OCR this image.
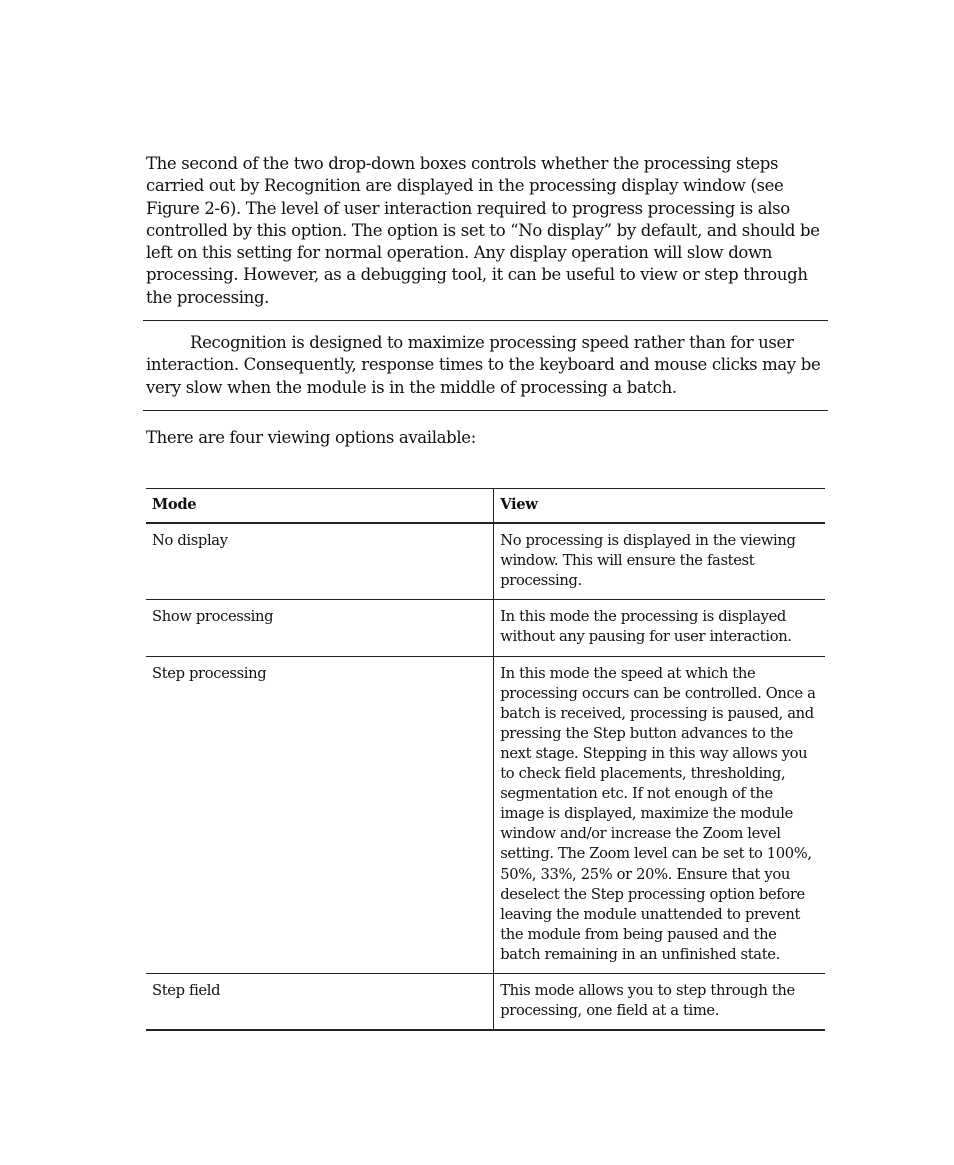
The second of the two drop-down boxes controls whether the processing steps carried out by Recognition are displayed in the processing display window (see Figure 2-6). The level of user interaction required to progress processing is also controlled by this option. The option is set to “No display” by default, and should be left on this setting for normal operation. Any display operation will slow down processing. However, as a debugging tool, it can be useful to view or step through the processing.

Recognition is designed to maximize processing speed rather than for user interaction. Consequently, response times to the keyboard and mouse clicks may be very slow when the module is in the middle of processing a batch.

There are four viewing options available:

Mode	View
No display	No processing is displayed in the viewing window. This will ensure the fastest processing.
Show processing	In this mode the processing is displayed without any pausing for user interaction.
Step processing	In this mode the speed at which the processing occurs can be controlled. Once a batch is received, processing is paused, and pressing the Step button advances to the next stage. Stepping in this way allows you to check field placements, thresholding, segmentation etc. If not enough of the image is displayed, maximize the module window and/or increase the Zoom level setting. The Zoom level can be set to 100%, 50%, 33%, 25% or 20%. Ensure that you deselect the Step processing option before leaving the module unattended to prevent the module from being paused and the batch remaining in an unfinished state.
Step field	This mode allows you to step through the processing, one field at a time.
